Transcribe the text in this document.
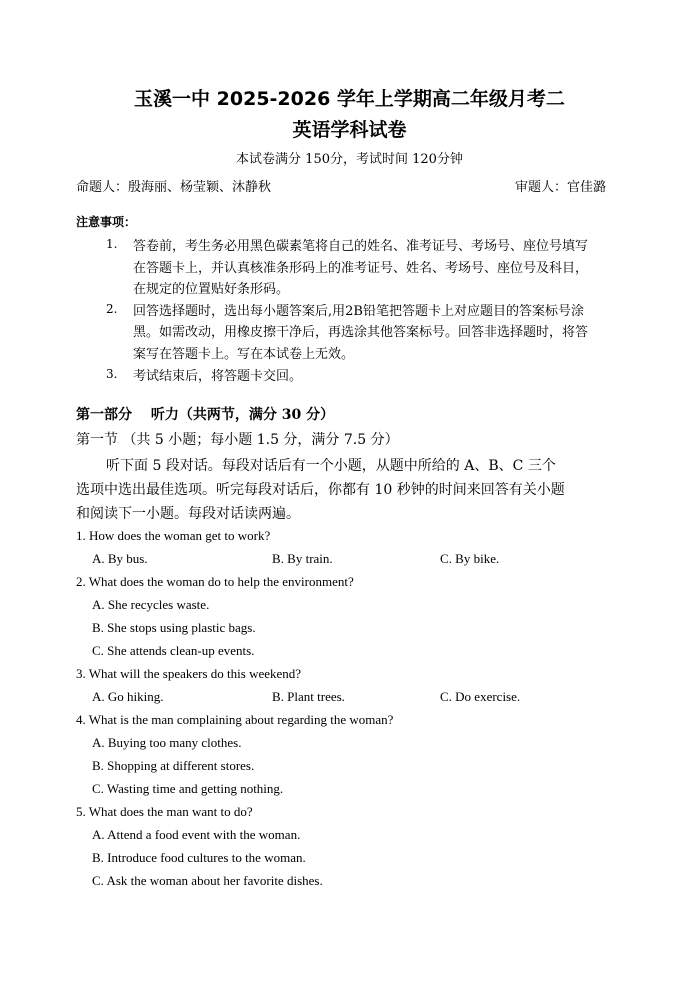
玉溪一中 2025-2026 学年上学期高二年级月考二
英语学科试卷
本试卷满分 150分，考试时间 120分钟
命题人：殷海丽、杨莹颖、沐静秋	审题人：官佳潞
注意事项：
1. 答卷前，考生务必用黑色碳素笔将自己的姓名、准考证号、考场号、座位号填写
在答题卡上，并认真核准条形码上的准考证号、姓名、考场号、座位号及科目，
在规定的位置贴好条形码。
2. 回答选择题时，选出每小题答案后,用2B铅笔把答题卡上对应题目的答案标号涂
黑。如需改动，用橡皮擦干净后，再选涂其他答案标号。回答非选择题时，将答
案写在答题卡上。写在本试卷上无效。
3. 考试结束后，将答题卡交回。
第一部分　 听力（共两节，满分 30 分）
第一节 （共 5 小题；每小题 1.5 分，满分 7.5 分）
听下面 5 段对话。每段对话后有一个小题，从题中所给的 A、B、C 三个
选项中选出最佳选项。听完每段对话后，你都有 10 秒钟的时间来回答有关小题
和阅读下一小题。每段对话读两遍。
1. How does the woman get to work?
A. By bus.	B. By train.	C. By bike.
2. What does the woman do to help the environment?
A. She recycles waste.
B. She stops using plastic bags.
C. She attends clean-up events.
3. What will the speakers do this weekend?
A. Go hiking.	B. Plant trees.	C. Do exercise.
4. What is the man complaining about regarding the woman?
A. Buying too many clothes.
B. Shopping at different stores.
C. Wasting time and getting nothing.
5. What does the man want to do?
A. Attend a food event with the woman.
B. Introduce food cultures to the woman.
C. Ask the woman about her favorite dishes.
